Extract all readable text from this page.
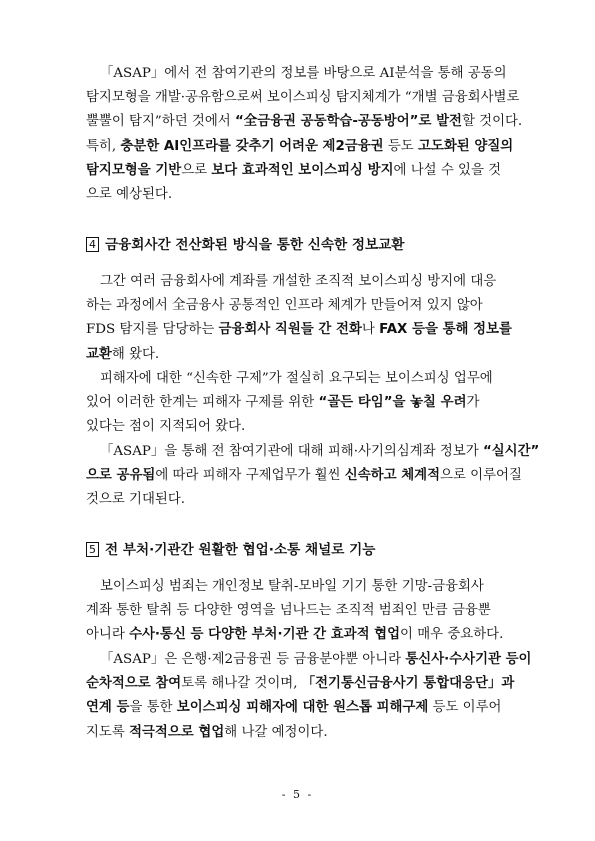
「ASAP」에서 전 참여기관의 정보를 바탕으로 AI분석을 통해 공동의
탐지모형을 개발·공유함으로써 보이스피싱 탐지체계가 “개별 금융회사별로
뿔뿔이 탐지”하던 것에서 “全금융권 공동학습-공동방어”로 발전할 것이다.
특히, 충분한 AI인프라를 갖추기 어려운 제2금융권 등도 고도화된 양질의
탐지모형을 기반으로 보다 효과적인 보이스피싱 방지에 나설 수 있을 것
으로 예상된다.
4 금융회사간 전산화된 방식을 통한 신속한 정보교환
그간 여러 금융회사에 계좌를 개설한 조직적 보이스피싱 방지에 대응
하는 과정에서 全금융사 공통적인 인프라 체계가 만들어져 있지 않아
FDS 탐지를 담당하는 금융회사 직원들 간 전화나 FAX 등을 통해 정보를
교환해 왔다.
피해자에 대한 “신속한 구제”가 절실히 요구되는 보이스피싱 업무에
있어 이러한 한계는 피해자 구제를 위한 “골든 타임”을 놓칠 우려가
있다는 점이 지적되어 왔다.
「ASAP」을 통해 전 참여기관에 대해 피해·사기의심계좌 정보가 “실시간”
으로 공유됨에 따라 피해자 구제업무가 훨씬 신속하고 체계적으로 이루어질
것으로 기대된다.
5 전 부처·기관간 원활한 협업·소통 채널로 기능
보이스피싱 범죄는 개인정보 탈취-모바일 기기 통한 기망-금융회사
계좌 통한 탈취 등 다양한 영역을 넘나드는 조직적 범죄인 만큼 금융뿐
아니라 수사·통신 등 다양한 부처·기관 간 효과적 협업이 매우 중요하다.
「ASAP」은 은행·제2금융권 등 금융분야뿐 아니라 통신사·수사기관 등이
순차적으로 참여토록 해나갈 것이며, 「전기통신금융사기 통합대응단」과
연계 등을 통한 보이스피싱 피해자에 대한 원스톱 피해구제 등도 이루어
지도록 적극적으로 협업해 나갈 예정이다.
- 5 -
